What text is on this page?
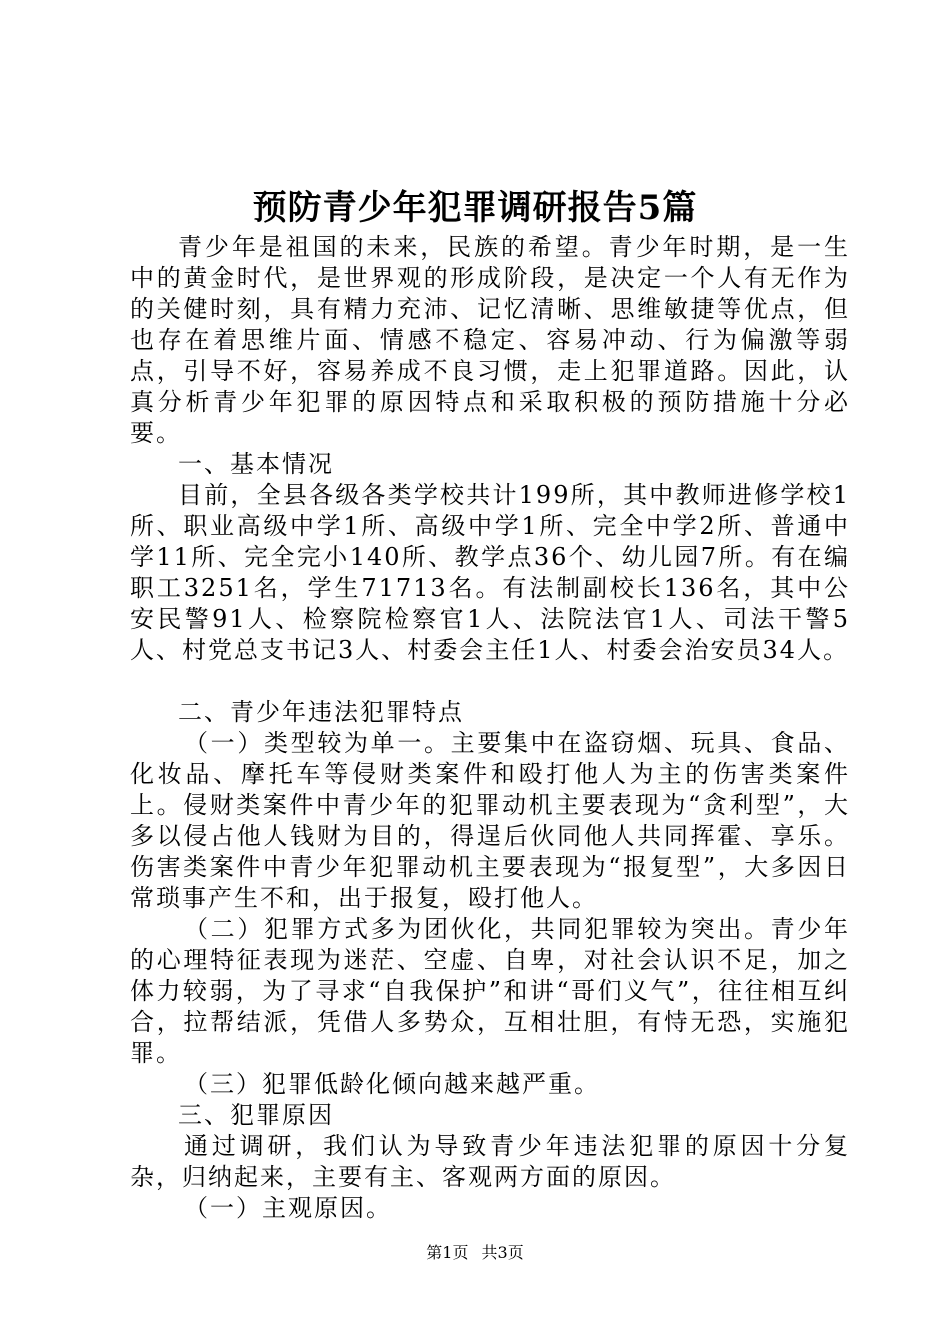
预防青少年犯罪调研报告5篇

青少年是祖国的未来，民族的希望。青少年时期，是一生中的黄金时代，是世界观的形成阶段，是决定一个人有无作为的关健时刻，具有精力充沛、记忆清晰、思维敏捷等优点，但也存在着思维片面、情感不稳定、容易冲动、行为偏激等弱点，引导不好，容易养成不良习惯，走上犯罪道路。因此，认真分析青少年犯罪的原因特点和采取积极的预防措施十分必要。

一、基本情况

目前，全县各级各类学校共计199所，其中教师进修学校1所、职业高级中学1所、高级中学1所、完全中学2所、普通中学11所、完全完小140所、教学点36个、幼儿园7所。有在编职工3251名，学生71713名。有法制副校长136名，其中公安民警91人、检察院检察官1人、法院法官1人、司法干警5人、村党总支书记3人、村委会主任1人、村委会治安员34人。

二、青少年违法犯罪特点

（一）类型较为单一。主要集中在盗窃烟、玩具、食品、化妆品、摩托车等侵财类案件和殴打他人为主的伤害类案件上。侵财类案件中青少年的犯罪动机主要表现为“贪利型”，大多以侵占他人钱财为目的，得逞后伙同他人共同挥霍、享乐。伤害类案件中青少年犯罪动机主要表现为“报复型”，大多因日常琐事产生不和，出于报复，殴打他人。

（二）犯罪方式多为团伙化，共同犯罪较为突出。青少年的心理特征表现为迷茫、空虚、自卑，对社会认识不足，加之体力较弱，为了寻求“自我保护”和讲“哥们义气”，往往相互纠合，拉帮结派，凭借人多势众，互相壮胆，有恃无恐，实施犯罪。

（三）犯罪低龄化倾向越来越严重。

三、犯罪原因

通过调研，我们认为导致青少年违法犯罪的原因十分复杂，归纳起来，主要有主、客观两方面的原因。

（一）主观原因。

第1页 共3页
